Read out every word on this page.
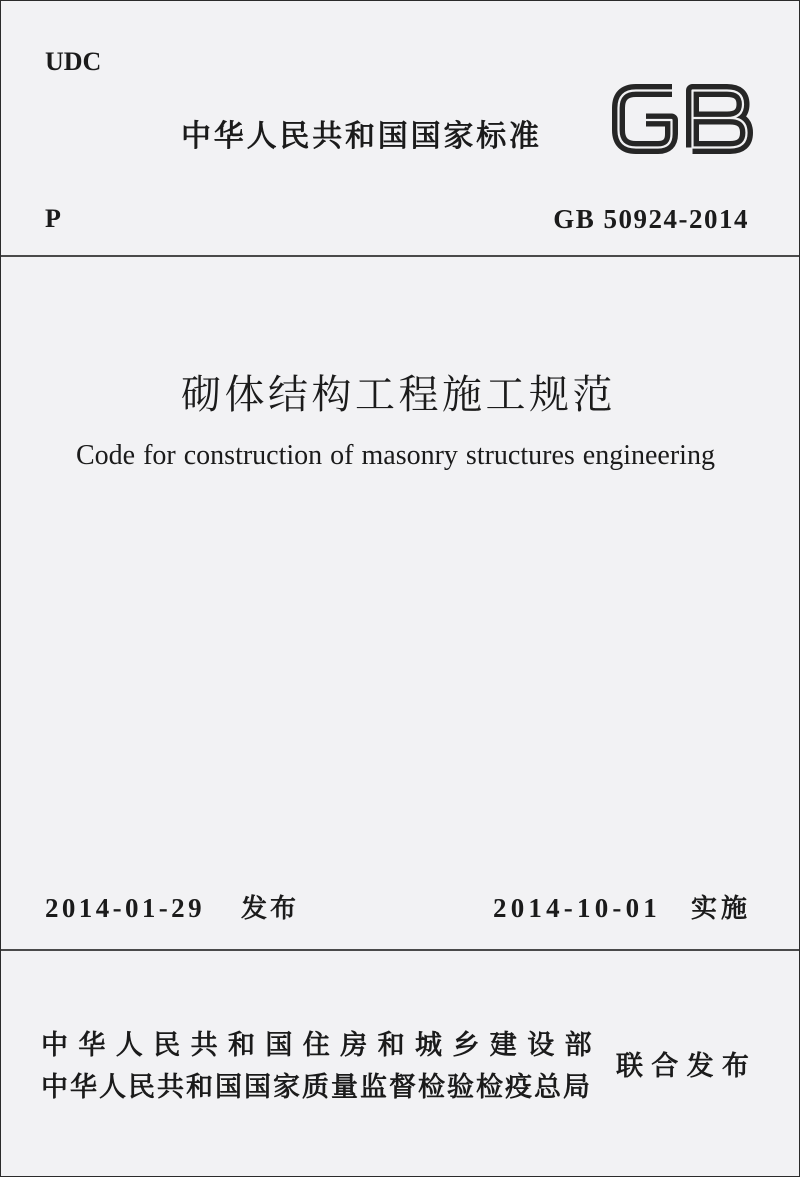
UDC
中华人民共和国国家标准
P	GB 50924-2014
砌体结构工程施工规范
Code for construction of masonry structures engineering
2014-01-29 发布	2014-10-01 实施
中华人民共和国住房和城乡建设部
中华人民共和国国家质量监督检验检疫总局
联合发布
